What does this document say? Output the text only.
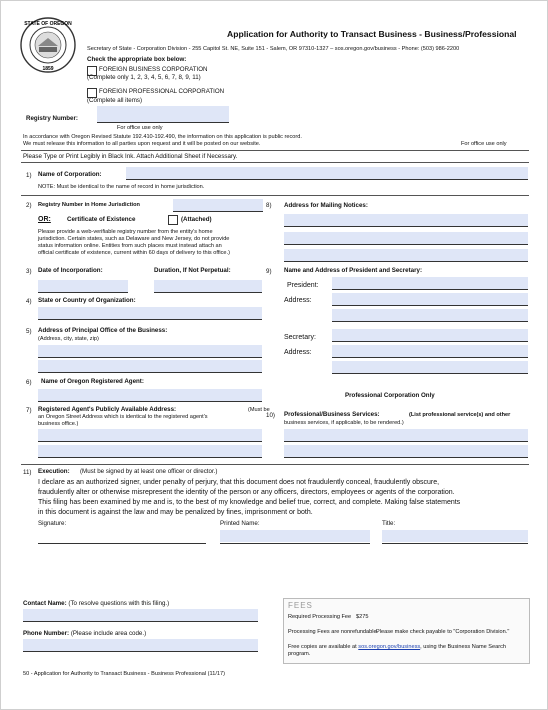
STATE OF OREGON
1859
Application for Authority to Transact Business - Business/Professional
Secretary of State - Corporation Division - 255 Capitol St. NE, Suite 151 - Salem, OR 97310-1327 – sos.oregon.gov/business - Phone: (503) 986-2200
Check the appropriate box below:
FOREIGN BUSINESS CORPORATION
(Complete only 1, 2, 3, 4, 5, 6, 7, 8, 9, 11)
FOREIGN PROFESSIONAL CORPORATION
(Complete all items)
Registry Number:
For office use only
In accordance with Oregon Revised Statute 192.410-192.490, the information on this application is public record.
We must release this information to all parties upon request and it will be posted on our website.	For office use only
Please Type or Print Legibly in Black Ink. Attach Additional Sheet if Necessary.
1) Name of Corporation:
NOTE: Must be identical to the name of record in home jurisdiction.
2) Registry Number in Home Jurisdiction
OR:	Certificate of Existence	(Attached)
Please provide a web-verifiable registry number from the entity's home
jurisdiction. Certain states, such as Delaware and New Jersey, do not provide
status information online. Entities from such places must instead attach an
official certificate of existence, current within 60 days of delivery to this office.)
8) Address for Mailing Notices:
3) Date of Incorporation:	Duration, If Not Perpetual:	9) Name and Address of President and Secretary:
President:
Address:
Secretary:
Address:
4) State or Country of Organization:
5) Address of Principal Office of the Business:
(Address, city, state, zip)
6) Name of Oregon Registered Agent:
Professional Corporation Only
7) Registered Agent's Publicly Available Address:	(Must be
an Oregon Street Address which is identical to the registered agent's
business office.)
10) Professional/Business Services:	(List professional service(s) and other
business services, if applicable, to be rendered.)
11) Execution: (Must be signed by at least one officer or director.)
I declare as an authorized signer, under penalty of perjury, that this document does not fraudulently conceal, fraudulently obscure,
fraudulently alter or otherwise misrepresent the identity of the person or any officers, directors, employees or agents of the corporation.
This filing has been examined by me and is, to the best of my knowledge and belief true, correct, and complete. Making false statements
in this document is against the law and may be penalized by fines, imprisonment or both.
Signature:	Printed Name:	Title:
Contact Name: (To resolve questions with this filing.)
Phone Number: (Please include area code.)
FEES
Required Processing Fee $275
Processing Fees are nonrefundable.
Please make check payable to "Corporation Division."
Free copies are available at sos.oregon.gov/business, using the Business Name Search program.
50 - Application for Authority to Transact Business - Business Professional (11/17)
